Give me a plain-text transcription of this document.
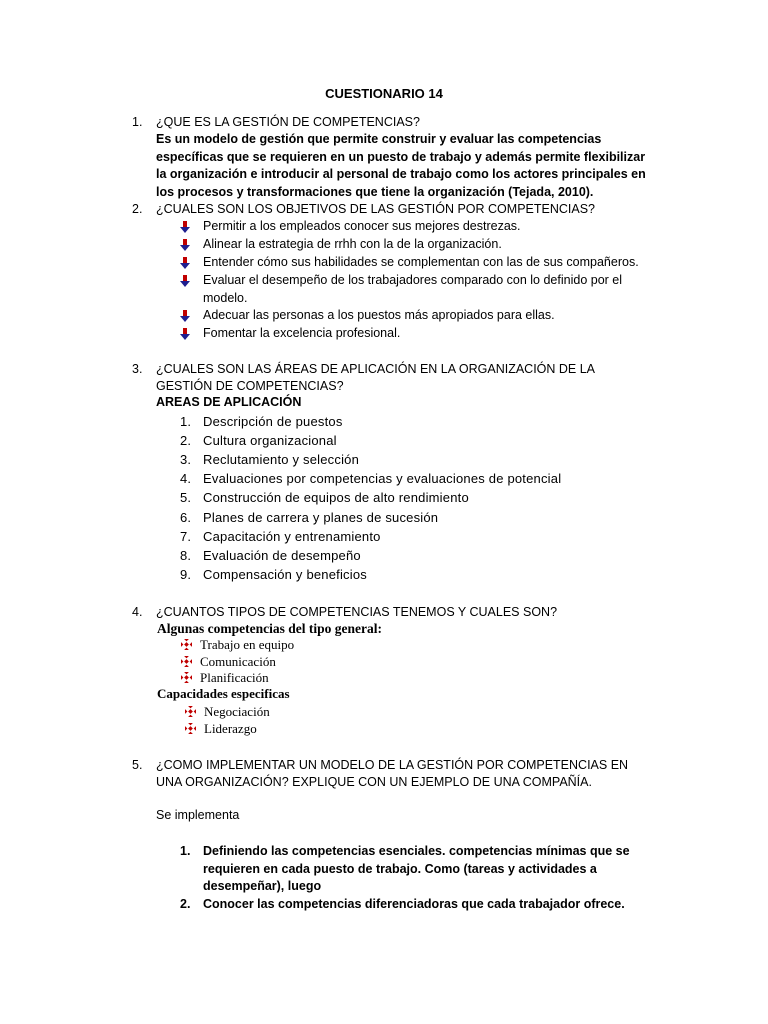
CUESTIONARIO 14
1. ¿QUE ES LA GESTIÓN DE COMPETENCIAS?
Es un modelo de gestión que permite construir y evaluar las competencias específicas que se requieren en un puesto de trabajo y además permite flexibilizar la organización e introducir al personal de trabajo como los actores principales en los procesos y transformaciones que tiene la organización (Tejada, 2010).
2. ¿CUALES SON LOS OBJETIVOS DE LAS GESTIÓN POR COMPETENCIAS?
Permitir a los empleados conocer sus mejores destrezas.
Alinear la estrategia de rrhh con la de la organización.
Entender cómo sus habilidades se complementan con las de sus compañeros.
Evaluar el desempeño de los trabajadores comparado con lo definido por el modelo.
Adecuar las personas a los puestos más apropiados para ellas.
Fomentar la excelencia profesional.
3. ¿CUALES SON LAS ÁREAS DE APLICACIÓN EN LA ORGANIZACIÓN DE LA GESTIÓN DE COMPETENCIAS?
AREAS DE APLICACIÓN
1. Descripción de puestos
2. Cultura organizacional
3. Reclutamiento y selección
4. Evaluaciones por competencias y evaluaciones de potencial
5. Construcción de equipos de alto rendimiento
6. Planes de carrera y planes de sucesión
7. Capacitación y entrenamiento
8. Evaluación de desempeño
9. Compensación y beneficios
4. ¿CUANTOS TIPOS DE COMPETENCIAS TENEMOS Y CUALES SON?
Algunas competencias del tipo general:
Trabajo en equipo
Comunicación
Planificación
Capacidades especificas
Negociación
Liderazgo
5. ¿COMO IMPLEMENTAR UN MODELO DE LA GESTIÓN POR COMPETENCIAS EN UNA ORGANIZACIÓN? EXPLIQUE CON UN EJEMPLO DE UNA COMPAÑÍA.
Se implementa
1. Definiendo las competencias esenciales. competencias mínimas que se requieren en cada puesto de trabajo. Como (tareas y actividades a desempeñar), luego
2. Conocer las competencias diferenciadoras que cada trabajador ofrece.
